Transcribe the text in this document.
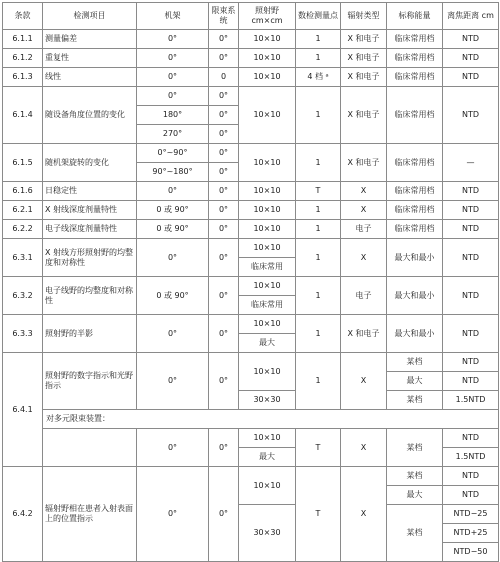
条款	检测项目	机架	限束系统	照射野 cm×cm	数检测量点	辐射类型	标称能量	离焦距离 cm
6.1.1	测量偏差	0°	0°	10×10	1	X 和电子	临床常用档	NTD
6.1.2	重复性	0°	0°	10×10	1	X 和电子	临床常用档	NTD
6.1.3	线性	0°	0	10×10	4 档 ᵃ	X 和电子	临床常用档	NTD
6.1.4	随设备角度位置的变化	0°	0°	10×10	1	X 和电子	临床常用档	NTD
		180°	0°					
		270°	0°					
6.1.5	随机架旋转的变化	0°~90°	0°	10×10	1	X 和电子	临床常用档	—
		90°~180°	0°					
6.1.6	日稳定性	0°	0°	10×10	T	X	临床常用档	NTD
6.2.1	X 射线深度剂量特性	0 或 90°	0°	10×10	1	X	临床常用档	NTD
6.2.2	电子线深度剂量特性	0 或 90°	0°	10×10	1	电子	临床常用档	NTD
6.3.1	X 射线方形照射野的均整度和对称性	0°	0°	10×10	1	X	最大和最小	NTD
				临床常用				
6.3.2	电子线野的均整度和对称性	0 或 90°	0°	10×10	1	电子	最大和最小	NTD
				临床常用				
6.3.3	照射野的半影	0°	0°	10×10	1	X 和电子	最大和最小	NTD
				最大				
6.4.1	照射野的数字指示和光野指示	0°	0°	10×10	1	X	某档	NTD
							最大	NTD
				30×30			某档	1.5NTD
	对多元限束装置：							
		0°	0°	10×10	T	X	某档	NTD
				最大				1.5NTD
6.4.2	辐射野相在患者入射表面上的位置指示	0°	0°	10×10	T	X	某档	NTD
							最大	NTD
				30×30			某档	NTD−25
								NTD+25
								NTD−50
